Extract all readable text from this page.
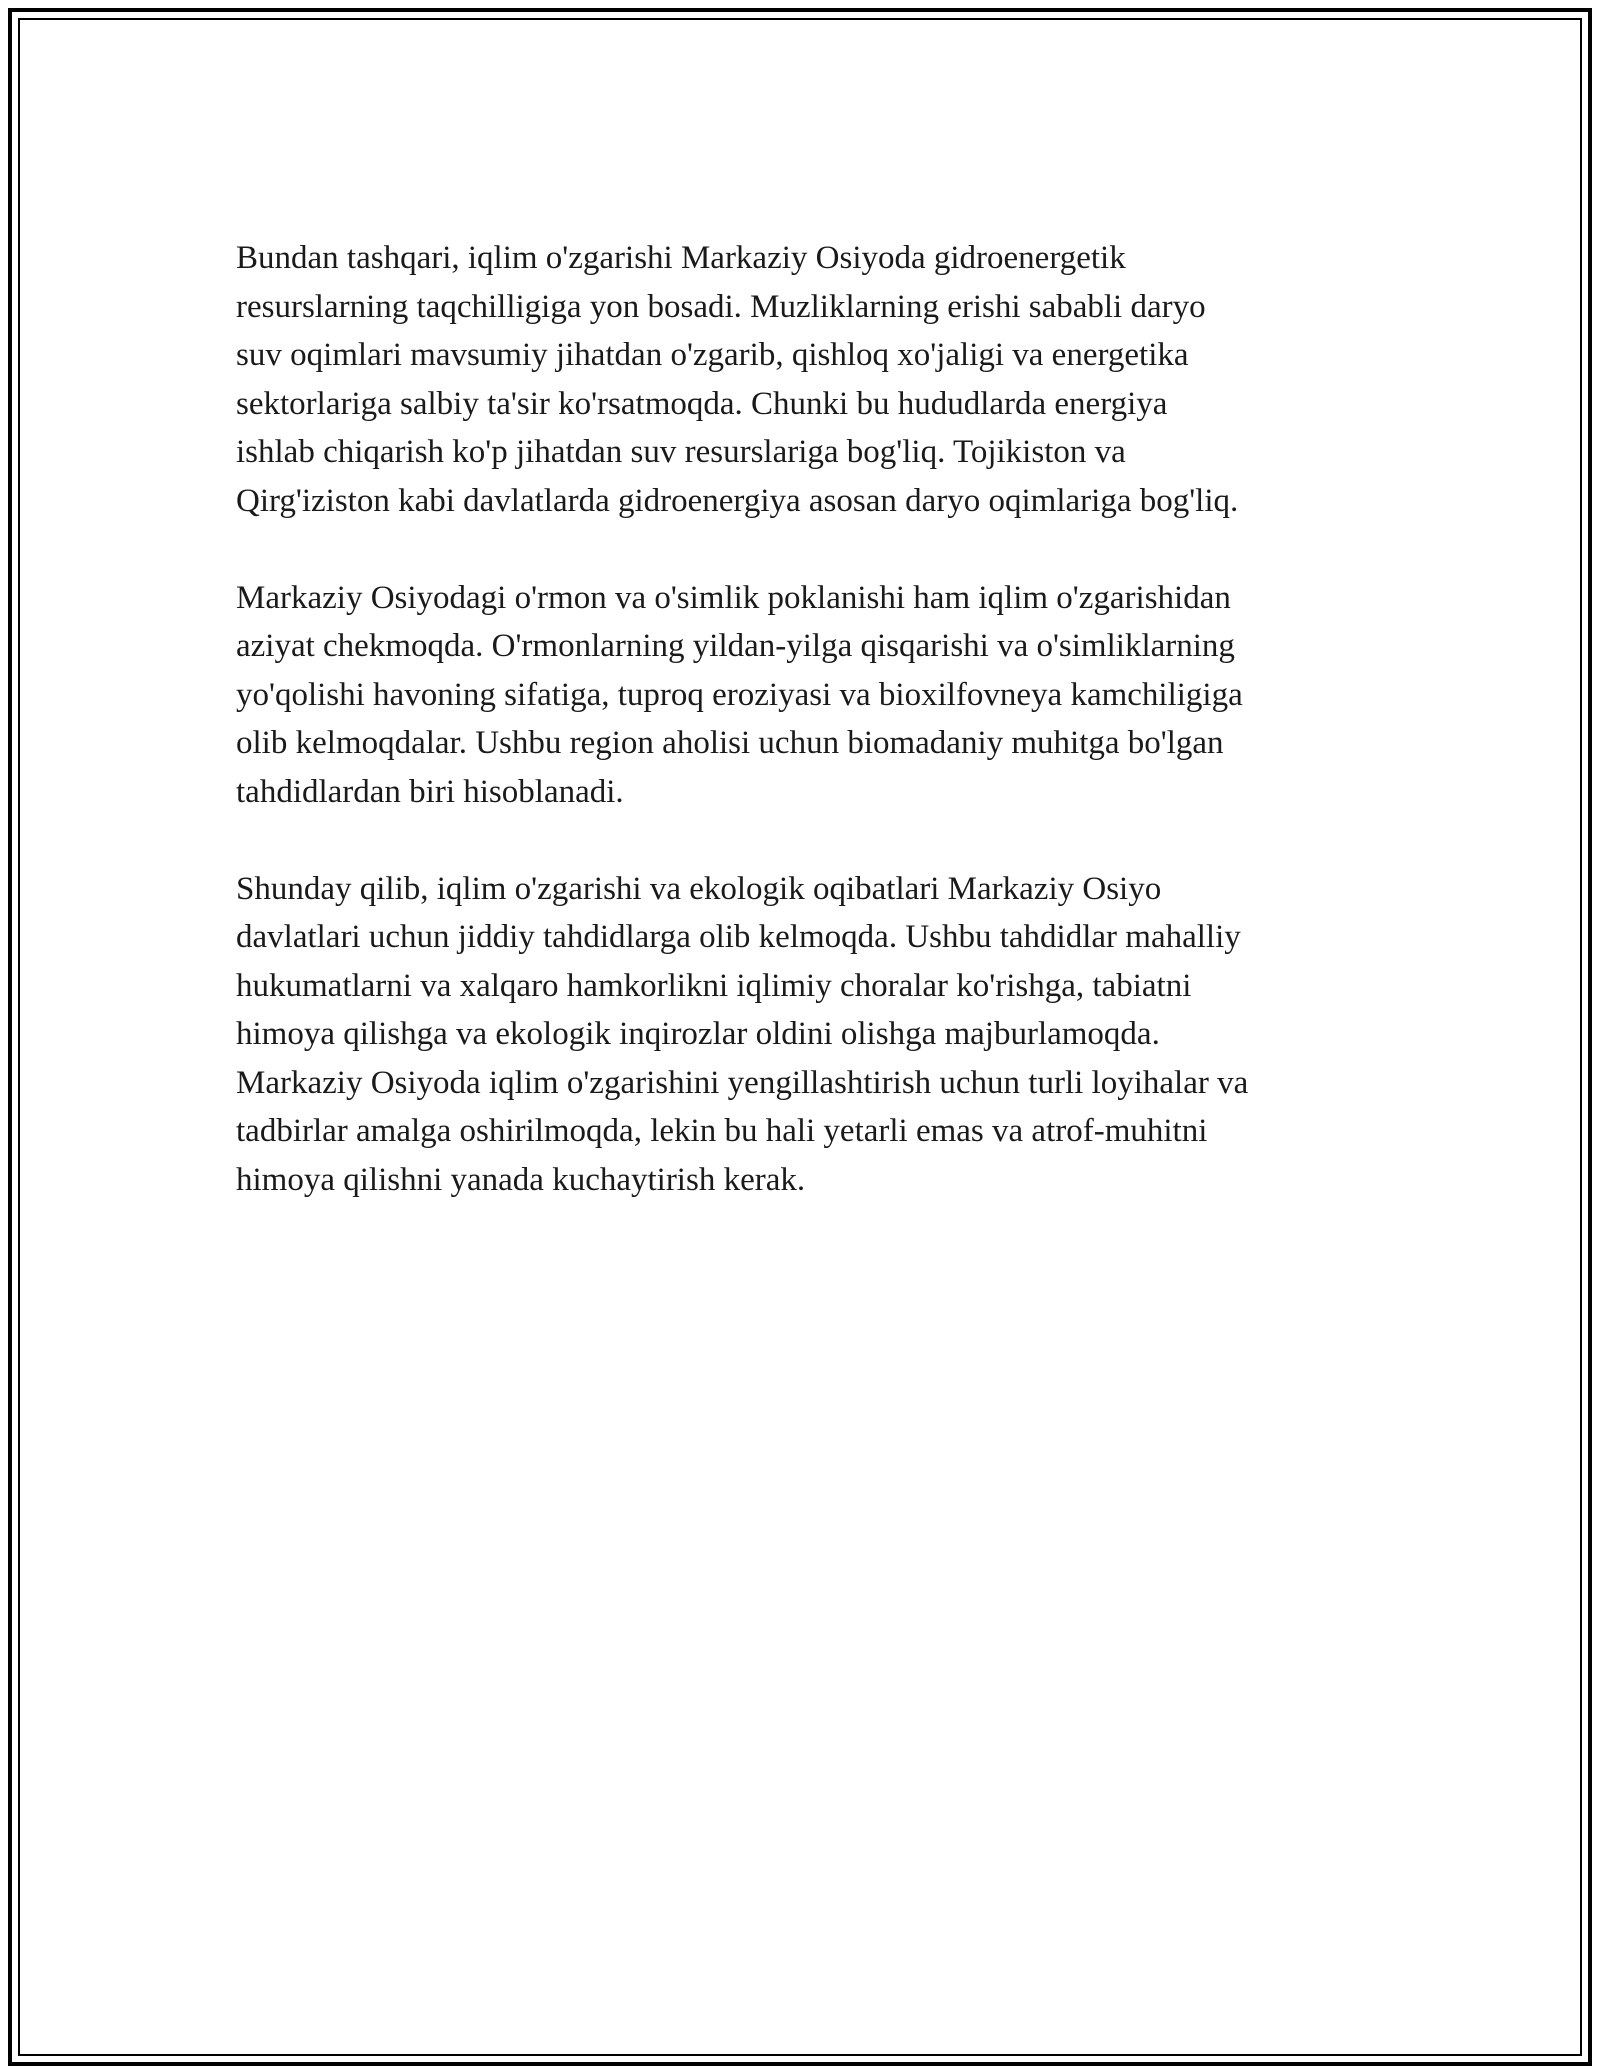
Bundan tashqari, iqlim o'zgarishi Markaziy Osiyoda gidroenergetik
resurslarning taqchilligiga yon bosadi. Muzliklarning erishi sababli daryo
suv oqimlari mavsumiy jihatdan o'zgarib, qishloq xo'jaligi va energetika
sektorlariga salbiy ta'sir ko'rsatmoqda. Chunki bu hududlarda energiya
ishlab chiqarish ko'p jihatdan suv resurslariga bog'liq. Tojikiston va
Qirg'iziston kabi davlatlarda gidroenergiya asosan daryo oqimlariga bog'liq.

Markaziy Osiyodagi o'rmon va o'simlik poklanishi ham iqlim o'zgarishidan
aziyat chekmoqda. O'rmonlarning yildan-yilga qisqarishi va o'simliklarning
yo'qolishi havoning sifatiga, tuproq eroziyasi va bioxilfovneya kamchiligiga
olib kelmoqdalar. Ushbu region aholisi uchun biomadaniy muhitga bo'lgan
tahdidlardan biri hisoblanadi.

Shunday qilib, iqlim o'zgarishi va ekologik oqibatlari Markaziy Osiyo
davlatlari uchun jiddiy tahdidlarga olib kelmoqda. Ushbu tahdidlar mahalliy
hukumatlarni va xalqaro hamkorlikni iqlimiy choralar ko'rishga, tabiatni
himoya qilishga va ekologik inqirozlar oldini olishga majburlamoqda.
Markaziy Osiyoda iqlim o'zgarishini yengillashtirish uchun turli loyihalar va
tadbirlar amalga oshirilmoqda, lekin bu hali yetarli emas va atrof-muhitni
himoya qilishni yanada kuchaytirish kerak.
